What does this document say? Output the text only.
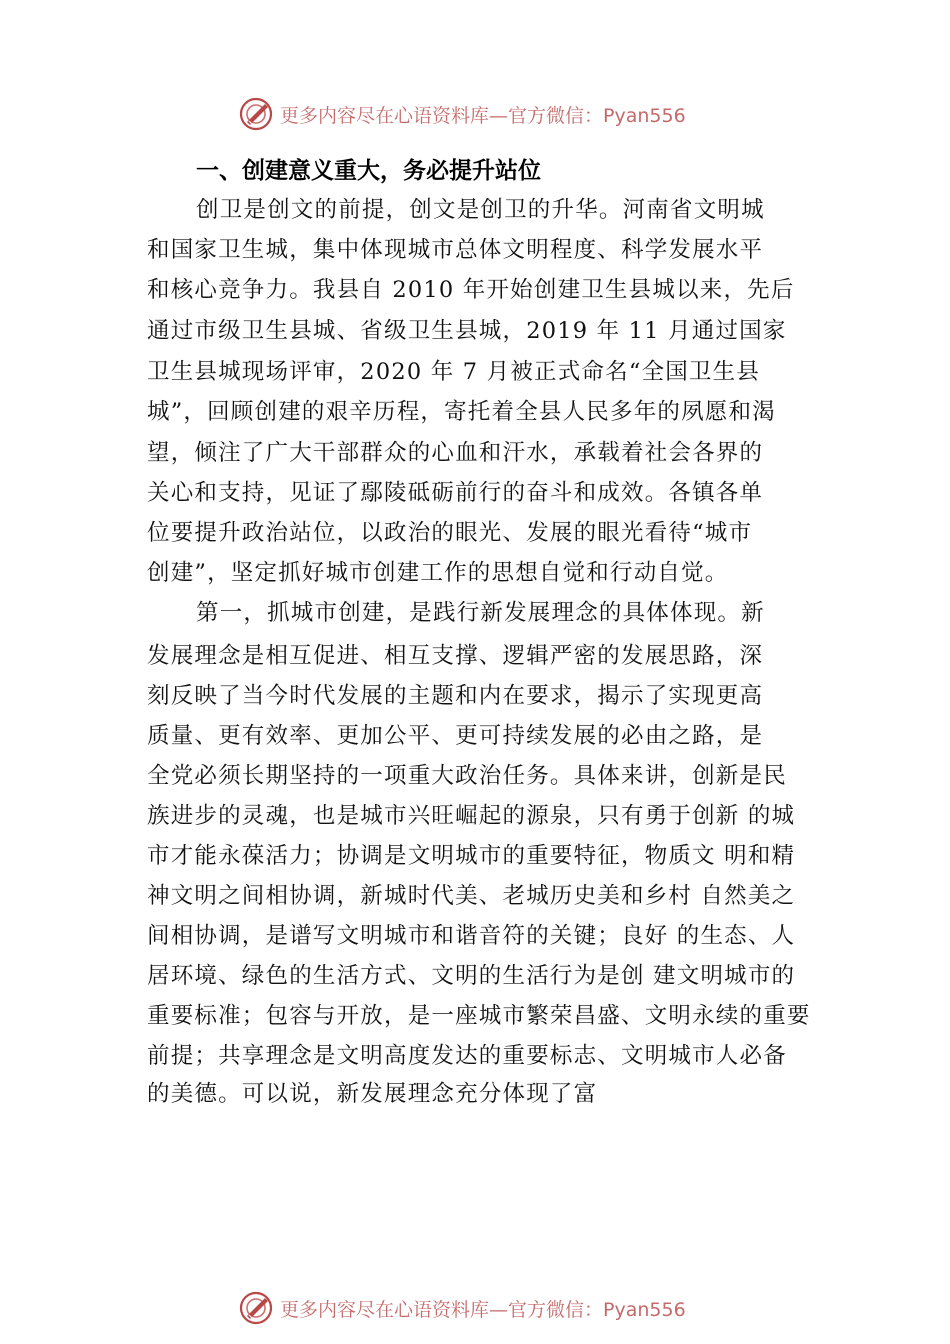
更多内容尽在心语资料库—官方微信：Pyan556
一、创建意义重大，务必提升站位
创卫是创文的前提，创文是创卫的升华。河南省文明城
和国家卫生城，集中体现城市总体文明程度、科学发展水平
和核心竞争力。我县自 2010 年开始创建卫生县城以来，先后
通过市级卫生县城、省级卫生县城，2019 年 11 月通过国家
卫生县城现场评审，2020 年 7 月被正式命名“全国卫生县
城”，回顾创建的艰辛历程，寄托着全县人民多年的夙愿和渴
望，倾注了广大干部群众的心血和汗水，承载着社会各界的
关心和支持，见证了鄢陵砥砺前行的奋斗和成效。各镇各单
位要提升政治站位，以政治的眼光、发展的眼光看待“城市
创建”，坚定抓好城市创建工作的思想自觉和行动自觉。
第一，抓城市创建，是践行新发展理念的具体体现。新
发展理念是相互促进、相互支撑、逻辑严密的发展思路，深
刻反映了当今时代发展的主题和内在要求，揭示了实现更高
质量、更有效率、更加公平、更可持续发展的必由之路，是
全党必须长期坚持的一项重大政治任务。具体来讲，创新是民
族进步的灵魂，也是城市兴旺崛起的源泉，只有勇于创新 的城
市才能永葆活力；协调是文明城市的重要特征，物质文 明和精
神文明之间相协调，新城时代美、老城历史美和乡村 自然美之
间相协调，是谱写文明城市和谐音符的关键；良好 的生态、人
居环境、绿色的生活方式、文明的生活行为是创 建文明城市的
重要标准；包容与开放，是一座城市繁荣昌盛、文明永续的重要
前提；共享理念是文明高度发达的重要标志、文明城市人必备
的美德。可以说，新发展理念充分体现了富
更多内容尽在心语资料库—官方微信：Pyan556
